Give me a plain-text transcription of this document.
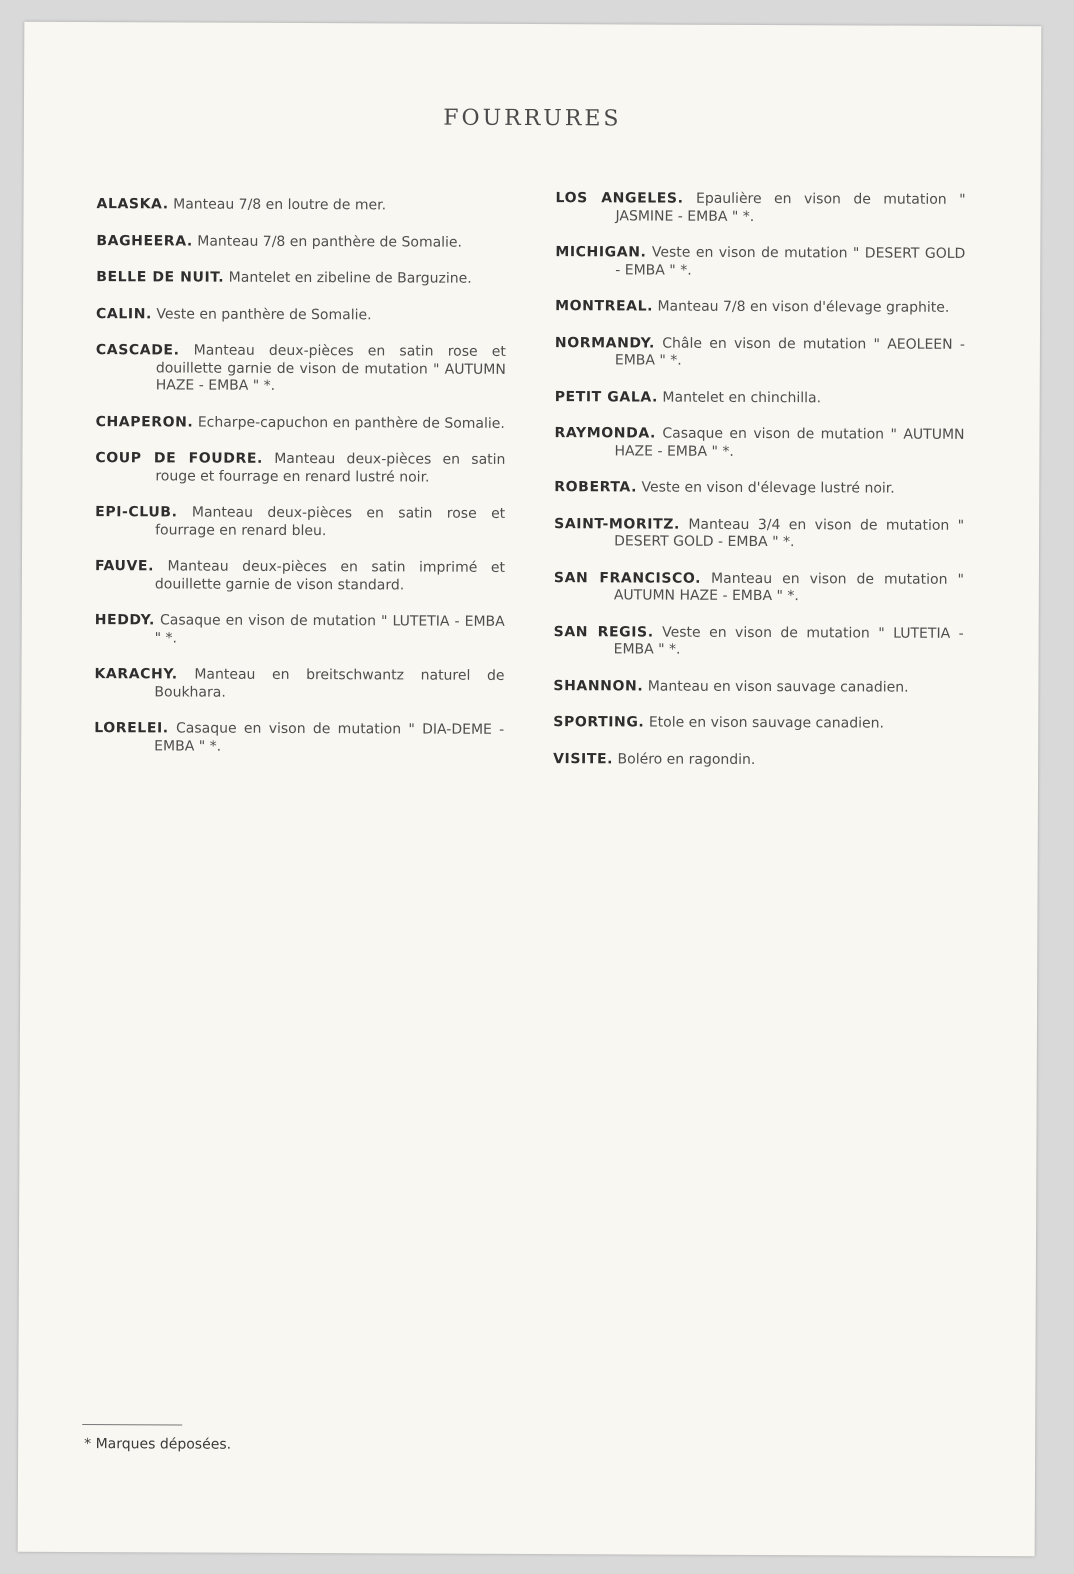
FOURRURES
ALASKA. Manteau 7/8 en loutre de mer.
BAGHEERA. Manteau 7/8 en panthère de Somalie.
BELLE DE NUIT. Mantelet en zibeline de Barguzine.
CALIN. Veste en panthère de Somalie.
CASCADE. Manteau deux-pièces en satin rose et douillette garnie de vison de mutation " AUTUMN HAZE - EMBA " *.
CHAPERON. Echarpe-capuchon en panthère de Somalie.
COUP DE FOUDRE. Manteau deux-pièces en satin rouge et fourrage en renard lustré noir.
EPI-CLUB. Manteau deux-pièces en satin rose et fourrage en renard bleu.
FAUVE. Manteau deux-pièces en satin imprimé et douillette garnie de vison standard.
HEDDY. Casaque en vison de mutation " LUTETIA - EMBA " *.
KARACHY. Manteau en breitschwantz naturel de Boukhara.
LORELEI. Casaque en vison de mutation " DIA-DEME - EMBA " *.
LOS ANGELES. Epaulière en vison de mutation " JASMINE - EMBA " *.
MICHIGAN. Veste en vison de mutation " DESERT GOLD - EMBA " *.
MONTREAL. Manteau 7/8 en vison d'élevage graphite.
NORMANDY. Châle en vison de mutation " AEOLEEN - EMBA " *.
PETIT GALA. Mantelet en chinchilla.
RAYMONDA. Casaque en vison de mutation " AUTUMN HAZE - EMBA " *.
ROBERTA. Veste en vison d'élevage lustré noir.
SAINT-MORITZ. Manteau 3/4 en vison de mutation " DESERT GOLD - EMBA " *.
SAN FRANCISCO. Manteau en vison de mutation " AUTUMN HAZE - EMBA " *.
SAN REGIS. Veste en vison de mutation " LUTETIA - EMBA " *.
SHANNON. Manteau en vison sauvage canadien.
SPORTING. Etole en vison sauvage canadien.
VISITE. Boléro en ragondin.
* Marques déposées.
